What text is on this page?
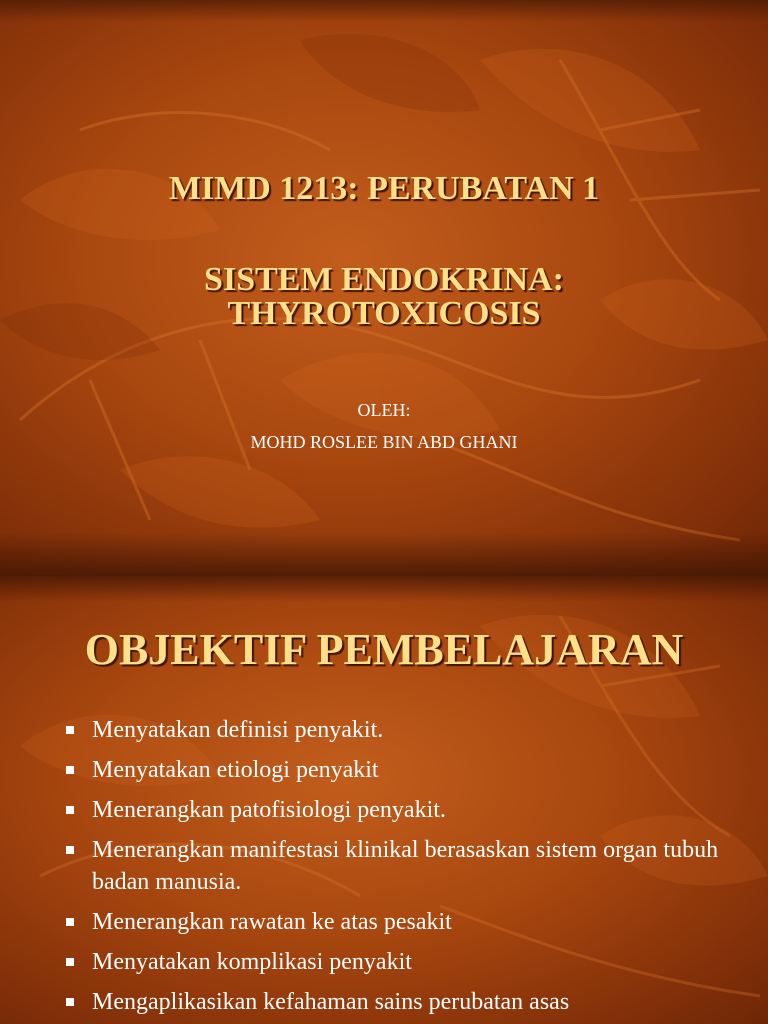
MIMD 1213: PERUBATAN 1
SISTEM ENDOKRINA:
THYROTOXICOSIS
OLEH:
MOHD ROSLEE BIN ABD GHANI
OBJEKTIF PEMBELAJARAN
Menyatakan definisi penyakit.
Menyatakan etiologi penyakit
Menerangkan patofisiologi penyakit.
Menerangkan manifestasi klinikal berasaskan sistem organ tubuh badan manusia.
Menerangkan rawatan ke atas pesakit
Menyatakan komplikasi penyakit
Mengaplikasikan kefahaman sains perubatan asas
